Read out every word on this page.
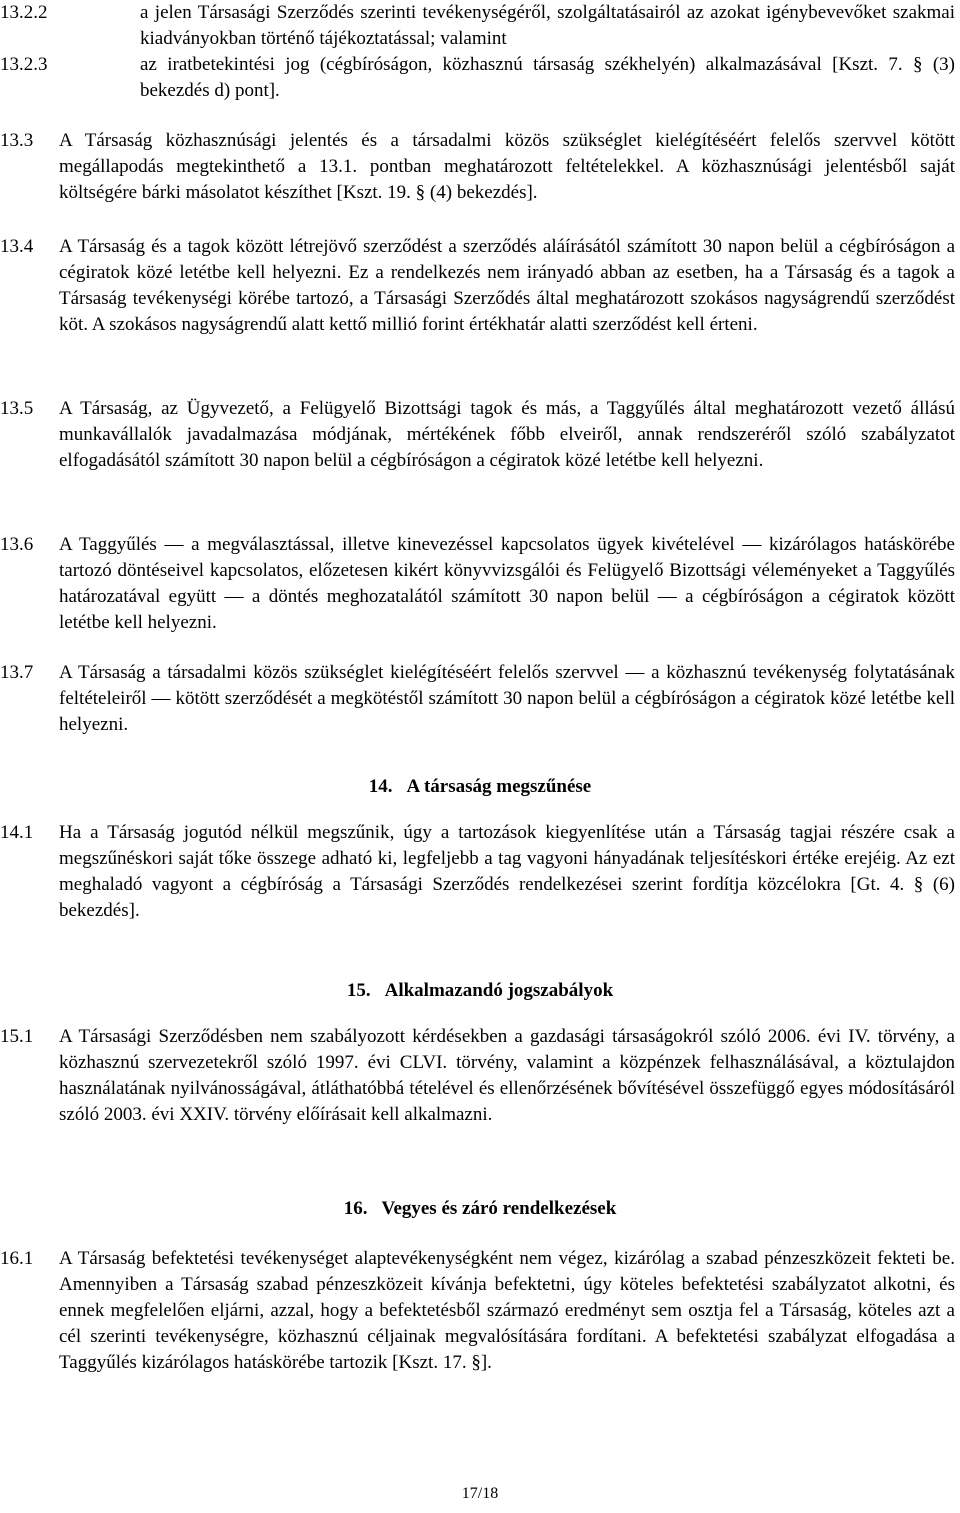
13.2.2	a jelen Társasági Szerződés szerinti tevékenységéről, szolgáltatásairól az azokat igénybevevőket szakmai kiadványokban történő tájékoztatással; valamint
13.2.3	az iratbetekintési jog (cégbíróságon, közhasznú társaság székhelyén) alkalmazásával [Kszt. 7. § (3) bekezdés d) pont].
13.3	A Társaság közhasznúsági jelentés és a társadalmi közös szükséglet kielégítéséért felelős szervvel kötött megállapodás megtekinthető a 13.1. pontban meghatározott feltételekkel. A közhasznúsági jelentésből saját költségére bárki másolatot készíthet [Kszt. 19. § (4) bekezdés].
13.4	A Társaság és a tagok között létrejövő szerződést a szerződés aláírásától számított 30 napon belül a cégbíróságon a cégiratok közé letétbe kell helyezni. Ez a rendelkezés nem irányadó abban az esetben, ha a Társaság és a tagok a Társaság tevékenységi körébe tartozó, a Társasági Szerződés által meghatározott szokásos nagyságrendű szerződést köt. A szokásos nagyságrendű alatt kettő millió forint értékhatár alatti szerződést kell érteni.
13.5	A Társaság, az Ügyvezető, a Felügyelő Bizottsági tagok és más, a Taggyűlés által meghatározott vezető állású munkavállalók javadalmazása módjának, mértékének főbb elveiről, annak rendszeréről szóló szabályzatot elfogadásától számított 30 napon belül a cégbíróságon a cégiratok közé letétbe kell helyezni.
13.6	A Taggyűlés — a megválasztással, illetve kinevezéssel kapcsolatos ügyek kivételével — kizárólagos hatáskörébe tartozó döntéseivel kapcsolatos, előzetesen kikért könyvvizsgálói és Felügyelő Bizottsági véleményeket a Taggyűlés határozatával együtt — a döntés meghozatalától számított 30 napon belül — a cégbíróságon a cégiratok között letétbe kell helyezni.
13.7	A Társaság a társadalmi közös szükséglet kielégítéséért felelős szervvel — a közhasznú tevékenység folytatásának feltételeiről — kötött szerződését a megkötéstől számított 30 napon belül a cégbíróságon a cégiratok közé letétbe kell helyezni.
14. A társaság megszűnése
14.1	Ha a Társaság jogutód nélkül megszűnik, úgy a tartozások kiegyenlítése után a Társaság tagjai részére csak a megszűnéskori saját tőke összege adható ki, legfeljebb a tag vagyoni hányadának teljesítéskori értéke erejéig. Az ezt meghaladó vagyont a cégbíróság a Társasági Szerződés rendelkezései szerint fordítja közcélokra [Gt. 4. § (6) bekezdés].
15. Alkalmazandó jogszabályok
15.1	A Társasági Szerződésben nem szabályozott kérdésekben a gazdasági társaságokról szóló 2006. évi IV. törvény, a közhasznú szervezetekről szóló 1997. évi CLVI. törvény, valamint a közpénzek felhasználásával, a köztulajdon használatának nyilvánosságával, átláthatóbbá tételével és ellenőrzésének bővítésével összefüggő egyes módosításáról szóló 2003. évi XXIV. törvény előírásait kell alkalmazni.
16. Vegyes és záró rendelkezések
16.1	A Társaság befektetési tevékenységet alaptevékenységként nem végez, kizárólag a szabad pénzeszközeit fekteti be. Amennyiben a Társaság szabad pénzeszközeit kívánja befektetni, úgy köteles befektetési szabályzatot alkotni, és ennek megfelelően eljárni, azzal, hogy a befektetésből származó eredményt sem osztja fel a Társaság, köteles azt a cél szerinti tevékenységre, közhasznú céljainak megvalósítására fordítani. A befektetési szabályzat elfogadása a Taggyűlés kizárólagos hatáskörébe tartozik [Kszt. 17. §].
17/18
